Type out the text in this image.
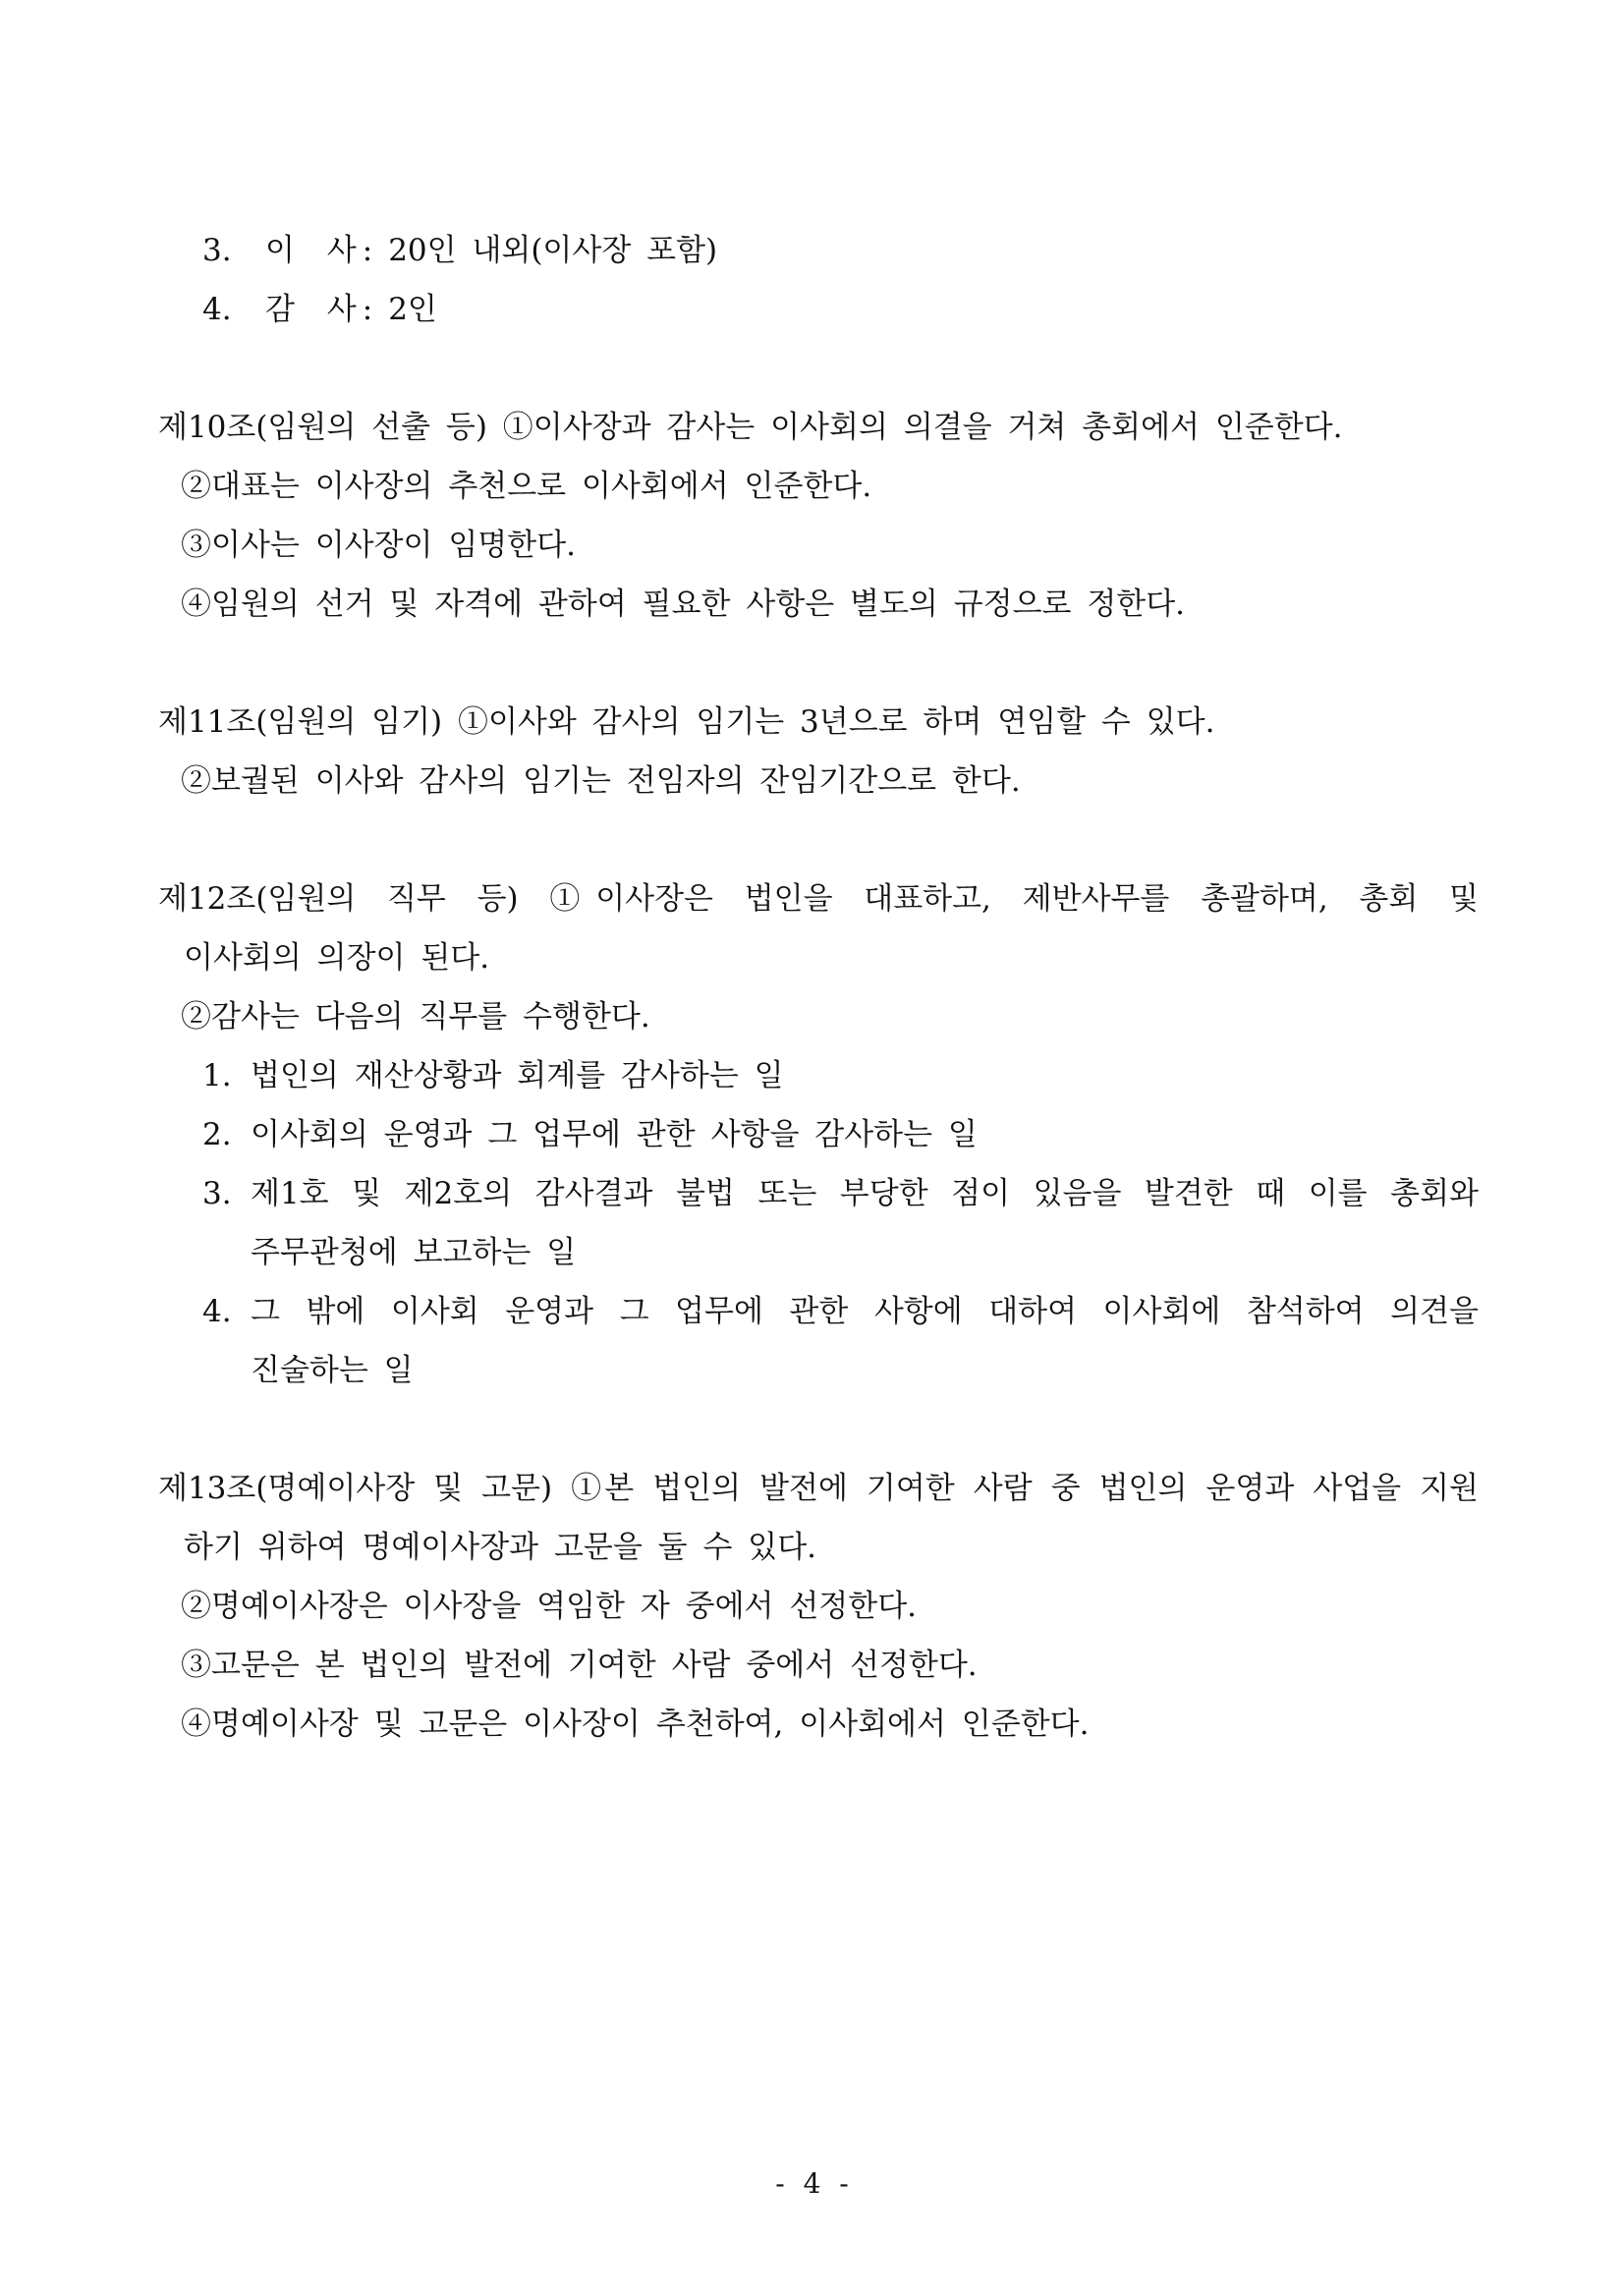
3. 이 사 : 20인 내외(이사장 포함)
4. 감 사 : 2인
제10조(임원의 선출 등) ①이사장과 감사는 이사회의 의결을 거쳐 총회에서 인준한다.
②대표는 이사장의 추천으로 이사회에서 인준한다.
③이사는 이사장이 임명한다.
④임원의 선거 및 자격에 관하여 필요한 사항은 별도의 규정으로 정한다.
제11조(임원의 임기) ①이사와 감사의 임기는 3년으로 하며 연임할 수 있다.
②보궐된 이사와 감사의 임기는 전임자의 잔임기간으로 한다.
제12조(임원의 직무 등) ①이사장은 법인을 대표하고, 제반사무를 총괄하며, 총회 및
이사회의 의장이 된다.
②감사는 다음의 직무를 수행한다.
1. 법인의 재산상황과 회계를 감사하는 일
2. 이사회의 운영과 그 업무에 관한 사항을 감사하는 일
3. 제1호 및 제2호의 감사결과 불법 또는 부당한 점이 있음을 발견한 때 이를 총회와
주무관청에 보고하는 일
4. 그 밖에 이사회 운영과 그 업무에 관한 사항에 대하여 이사회에 참석하여 의견을
진술하는 일
제13조(명예이사장 및 고문) ①본 법인의 발전에 기여한 사람 중 법인의 운영과 사업을 지원
하기 위하여 명예이사장과 고문을 둘 수 있다.
②명예이사장은 이사장을 역임한 자 중에서 선정한다.
③고문은 본 법인의 발전에 기여한 사람 중에서 선정한다.
④명예이사장 및 고문은 이사장이 추천하여, 이사회에서 인준한다.
- 4 -
